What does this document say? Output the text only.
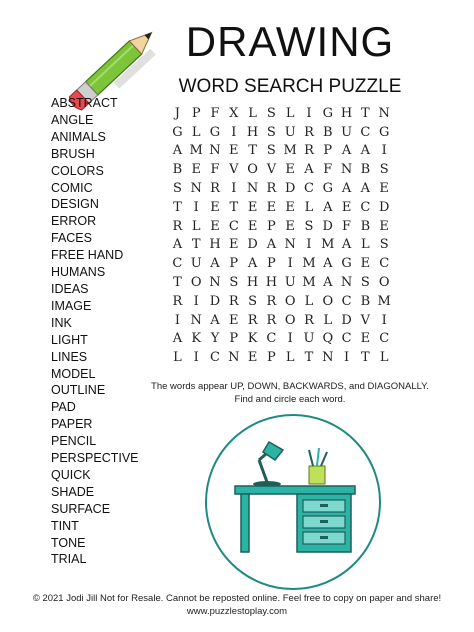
DRAWING
WORD SEARCH PUZZLE
ABSTRACT
ANGLE
ANIMALS
BRUSH
COLORS
COMIC
DESIGN
ERROR
FACES
FREE HAND
HUMANS
IDEAS
IMAGE
INK
LIGHT
LINES
MODEL
OUTLINE
PAD
PAPER
PENCIL
PERSPECTIVE
QUICK
SHADE
SURFACE
TINT
TONE
TRIAL
J P F X L S L I G H T N
G L G I H S U R B U C G
A M N E T S M R P A A I
B E F V O V E A F N B S
S N R I N R D C G A A E
T I E T E E E L A E C D
R L E C E P E S D F B E
A T H E D A N I M A L S
C U A P A P I M A G E C
T O N S H H U M A N S O
R I D R S R O L O C B M
I N A E R R O R L D V I
A K Y P K C I U Q C E C
L I C N E P L T N I T L
The words appear UP, DOWN, BACKWARDS, and DIAGONALLY.
Find and circle each word.
© 2021 Jodi Jill Not for Resale. Cannot be reposted online. Feel free to copy on paper and share!
www.puzzlestoplay.com
